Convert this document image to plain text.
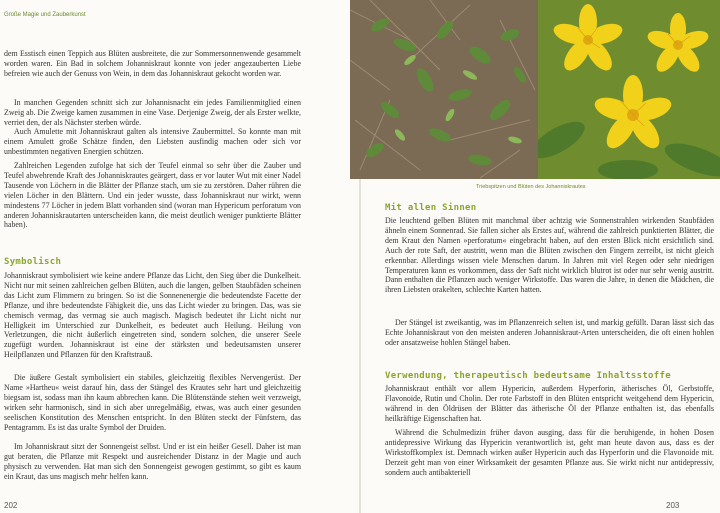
Große Magie und Zauberkunst

dem Esstisch einen Teppich aus Blüten ausbreitete, die zur Sommersonnenwende gesammelt worden waren. Ein Bad in solchem Johanniskraut konnte von jeder angezauberten Liebe befreien wie auch der Genuss von Wein, in dem das Johanniskraut gekocht worden war.

In manchen Gegenden schnitt sich zur Johannisnacht ein jedes Familienmitglied einen Zweig ab. Die Zweige kamen zusammen in eine Vase. Derjenige Zweig, der als Erster welkte, verriet den, der als Nächster sterben würde.

Auch Amulette mit Johanniskraut galten als intensive Zaubermittel. So konnte man mit einem Amulett große Schätze finden, den Liebsten ausfindig machen oder sich vor unbestimmten negativen Energien schützen.

Zahlreichen Legenden zufolge hat sich der Teufel einmal so sehr über die Zauber und Teufel abwehrende Kraft des Johanniskrautes geärgert, dass er vor lauter Wut mit einer Nadel Tausende von Löchern in die Blätter der Pflanze stach, um sie zu zerstören. Daher rühren die vielen Löcher in den Blättern. Und ein jeder wusste, dass Johanniskraut nur wirkt, wenn mindestens 77 Löcher in jedem Blatt vorhanden sind (woran man Hypericum perforatum von anderen Johanniskrautarten unterscheiden kann, die meist deutlich weniger punktierte Blätter haben).

Symbolisch

Johanniskraut symbolisiert wie keine andere Pflanze das Licht, den Sieg über die Dunkelheit. Nicht nur mit seinen zahlreichen gelben Blüten, auch die langen, gelben Staubfäden scheinen das Licht zum Flimmern zu bringen. So ist die Sonnenenergie die bedeutendste Facette der Pflanze, und ihre bedeutendste Fähigkeit die, uns das Licht wieder zu bringen. Das, was sie chemisch vermag, das vermag sie auch magisch. Magisch bedeutet ihr Licht nicht nur Helligkeit im Unterschied zur Dunkelheit, es bedeutet auch Heilung. Heilung von Verletzungen, die nicht äußerlich eingetreten sind, sondern solchen, die unserer Seele zugefügt wurden. Johanniskraut ist eine der stärksten und bedeutsamsten unserer Heilpflanzen und Pflanzen für den Kraftstrauß.

Die äußere Gestalt symbolisiert ein stabiles, gleichzeitig flexibles Nervengerüst. Der Name »Hartheu« weist darauf hin, dass der Stängel des Krautes sehr hart und gleichzeitig biegsam ist, sodass man ihn kaum abbrechen kann. Die Blütenstände stehen weit verzweigt, wirken sehr harmonisch, sind in sich aber unregelmäßig, etwas, was auch einer gesunden seelischen Konstitution des Menschen entspricht. In den Blüten steckt der Fünfstern, das Pentagramm. Es ist das uralte Symbol der Druiden.

Im Johanniskraut sitzt der Sonnengeist selbst. Und er ist ein heißer Gesell. Daher ist man gut beraten, die Pflanze mit Respekt und ausreichender Distanz in der Magie und auch physisch zu verwenden. Hat man sich den Sonnengeist gewogen gestimmt, so gibt es kaum ein Kraut, das uns magisch mehr helfen kann.

202
Triebspitzen und Blüten des Johanniskrautes
Mit allen Sinnen

Die leuchtend gelben Blüten mit manchmal über achtzig wie Sonnenstrahlen wirkenden Staubfäden ähneln einem Sonnenrad. Sie fallen sicher als Erstes auf, während die zahlreich punktierten Blätter, die dem Kraut den Namen »perforatum« eingebracht haben, auf den ersten Blick nicht ersichtlich sind. Auch der rote Saft, der austritt, wenn man die Blüten zwischen den Fingern zerreibt, ist nicht gleich erkennbar. Allerdings wissen viele Menschen darum. In Jahren mit viel Regen oder sehr niedrigen Temperaturen kann es vorkommen, dass der Saft nicht wirklich blutrot ist oder nur sehr wenig austritt. Dann enthalten die Pflanzen auch weniger Wirkstoffe. Das waren die Jahre, in denen die Mädchen, die ihren Liebsten orakelten, schlechte Karten hatten.

Der Stängel ist zweikantig, was im Pflanzenreich selten ist, und markig gefüllt. Daran lässt sich das Echte Johanniskraut von den meisten anderen Johanniskraut-Arten unterscheiden, die oft einen hohlen oder ansatzweise hohlen Stängel haben.

Verwendung, therapeutisch bedeutsame Inhaltsstoffe

Johanniskraut enthält vor allem Hypericin, außerdem Hyperforin, ätherisches Öl, Gerbstoffe, Flavonoide, Rutin und Cholin. Der rote Farbstoff in den Blüten entspricht weitgehend dem Hypericin, während in den Öldrüsen der Blätter das ätherische Öl der Pflanze enthalten ist, das ebenfalls heilkräftige Eigenschaften hat.

Während die Schulmedizin früher davon ausging, dass für die beruhigende, in hohen Dosen antidepressive Wirkung das Hypericin verantwortlich ist, geht man heute davon aus, dass es der Wirkstoffkomplex ist. Demnach wirken außer Hypericin auch das Hyperforin und die Flavonoide mit. Derzeit geht man von einer Wirksamkeit der gesamten Pflanze aus. Sie wirkt nicht nur antidepressiv, sondern auch antibakteriell

203
